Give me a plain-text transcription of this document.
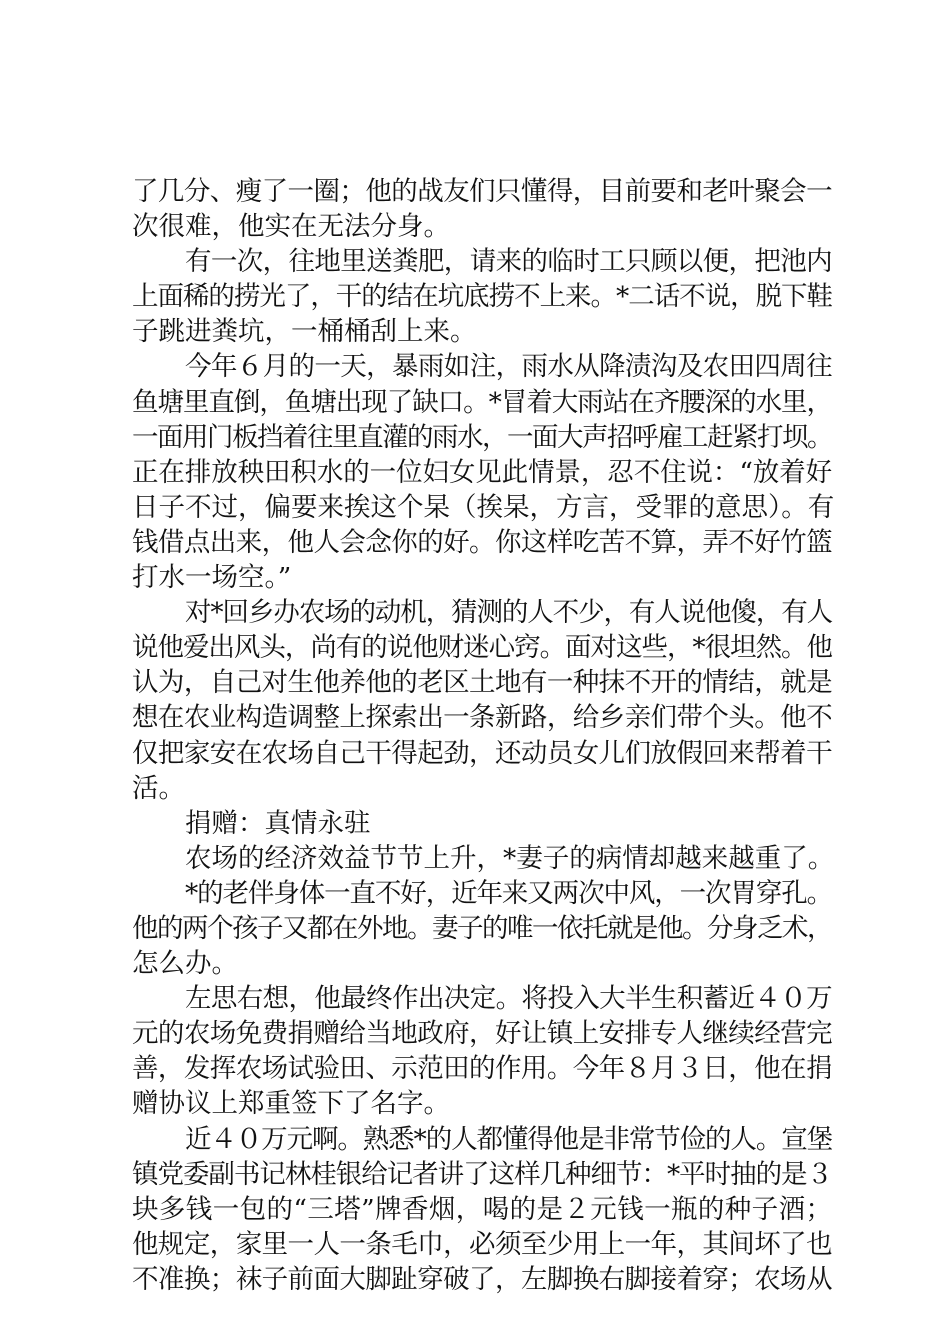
了几分、瘦了一圈；他的战友们只懂得，目前要和老叶聚会一
次很难，他实在无法分身。
有一次，往地里送粪肥，请来的临时工只顾以便，把池内
上面稀的捞光了，干的结在坑底捞不上来。*二话不说，脱下鞋
子跳进粪坑，一桶桶刮上来。
今年６月的一天，暴雨如注，雨水从降渍沟及农田四周往
鱼塘里直倒，鱼塘出现了缺口。*冒着大雨站在齐腰深的水里，
一面用门板挡着往里直灌的雨水，一面大声招呼雇工赶紧打坝。
正在排放秧田积水的一位妇女见此情景，忍不住说：“放着好
日子不过，偏要来挨这个杲（挨杲，方言，受罪的意思）。有
钱借点出来，他人会念你的好。你这样吃苦不算，弄不好竹篮
打水一场空。”
对*回乡办农场的动机，猜测的人不少，有人说他傻，有人
说他爱出风头，尚有的说他财迷心窍。面对这些，*很坦然。他
认为，自己对生他养他的老区土地有一种抹不开的情结，就是
想在农业构造调整上探索出一条新路，给乡亲们带个头。他不
仅把家安在农场自己干得起劲，还动员女儿们放假回来帮着干
活。
捐赠：真情永驻
农场的经济效益节节上升，*妻子的病情却越来越重了。
*的老伴身体一直不好，近年来又两次中风，一次胃穿孔。
他的两个孩子又都在外地。妻子的唯一依托就是他。分身乏术，
怎么办。
左思右想，他最终作出决定。将投入大半生积蓄近４０万
元的农场免费捐赠给当地政府，好让镇上安排专人继续经营完
善，发挥农场试验田、示范田的作用。今年８月３日，他在捐
赠协议上郑重签下了名字。
近４０万元啊。熟悉*的人都懂得他是非常节俭的人。宣堡
镇党委副书记林桂银给记者讲了这样几种细节：*平时抽的是３
块多钱一包的“三塔”牌香烟，喝的是２元钱一瓶的种子酒；
他规定，家里一人一条毛巾，必须至少用上一年，其间坏了也
不准换；袜子前面大脚趾穿破了，左脚换右脚接着穿；农场从
